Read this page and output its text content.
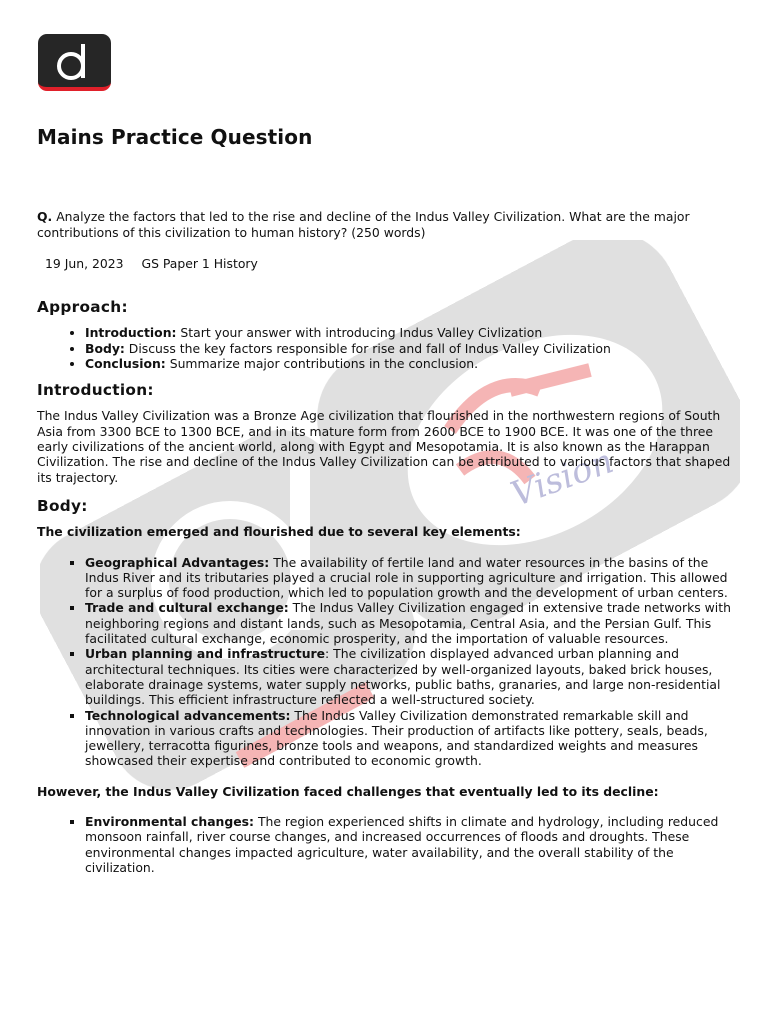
Vision
Mains Practice Question

Q. Analyze the factors that led to the rise and decline of the Indus Valley Civilization. What are the major contributions of this civilization to human history? (250 words)

19 Jun, 2023 GS Paper 1 History
Approach:
• Introduction: Start your answer with introducing Indus Valley Civlization
• Body: Discuss the key factors responsible for rise and fall of Indus Valley Civilization
• Conclusion: Summarize major contributions in the conclusion.
Introduction:

The Indus Valley Civilization was a Bronze Age civilization that flourished in the northwestern regions of South Asia from 3300 BCE to 1300 BCE, and in its mature form from 2600 BCE to 1900 BCE. It was one of the three early civilizations of the ancient world, along with Egypt and Mesopotamia. It is also known as the Harappan Civilization. The rise and decline of the Indus Valley Civilization can be attributed to various factors that shaped its trajectory.

Body:

The civilization emerged and flourished due to several key elements:

▪ Geographical Advantages: The availability of fertile land and water resources in the basins of the Indus River and its tributaries played a crucial role in supporting agriculture and irrigation. This allowed for a surplus of food production, which led to population growth and the development of urban centers.
▪ Trade and cultural exchange: The Indus Valley Civilization engaged in extensive trade networks with neighboring regions and distant lands, such as Mesopotamia, Central Asia, and the Persian Gulf. This facilitated cultural exchange, economic prosperity, and the importation of valuable resources.
▪ Urban planning and infrastructure: The civilization displayed advanced urban planning and architectural techniques. Its cities were characterized by well-organized layouts, baked brick houses, elaborate drainage systems, water supply networks, public baths, granaries, and large non-residential buildings. This efficient infrastructure reflected a well-structured society.
▪ Technological advancements: The Indus Valley Civilization demonstrated remarkable skill and innovation in various crafts and technologies. Their production of artifacts like pottery, seals, beads, jewellery, terracotta figurines, bronze tools and weapons, and standardized weights and measures showcased their expertise and contributed to economic growth.

However, the Indus Valley Civilization faced challenges that eventually led to its decline:

▪ Environmental changes: The region experienced shifts in climate and hydrology, including reduced monsoon rainfall, river course changes, and increased occurrences of floods and droughts. These environmental changes impacted agriculture, water availability, and the overall stability of the civilization.
